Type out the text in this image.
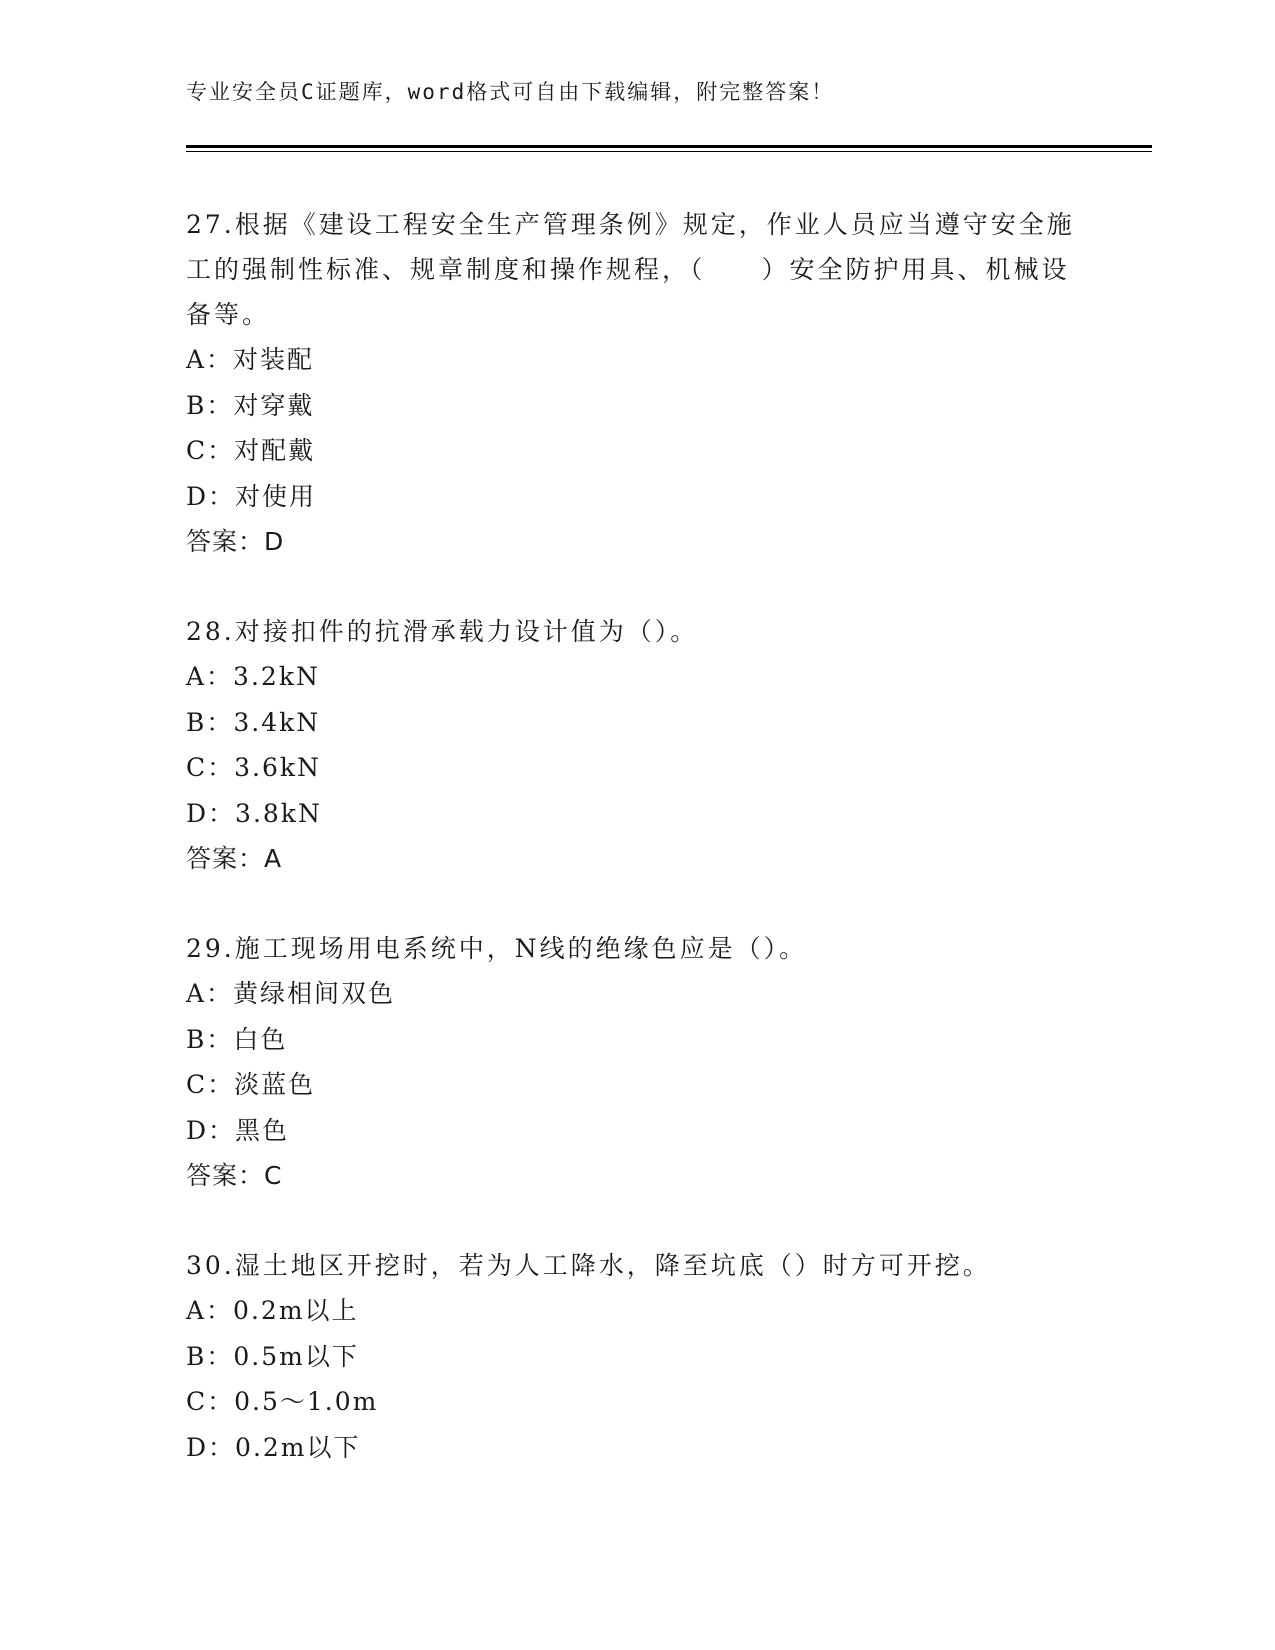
专业安全员C证题库，word格式可自由下载编辑，附完整答案！
27.根据《建设工程安全生产管理条例》规定，作业人员应当遵守安全施工的强制性标准、规章制度和操作规程，（　　）安全防护用具、机械设备等。
A：对装配
B：对穿戴
C：对配戴
D：对使用
答案：D
28.对接扣件的抗滑承载力设计值为（）。
A：3.2kN
B：3.4kN
C：3.6kN
D：3.8kN
答案：A
29.施工现场用电系统中，N线的绝缘色应是（）。
A：黄绿相间双色
B：白色
C：淡蓝色
D：黑色
答案：C
30.湿土地区开挖时，若为人工降水，降至坑底（）时方可开挖。
A：0.2m以上
B：0.5m以下
C：0.5～1.0m
D：0.2m以下
